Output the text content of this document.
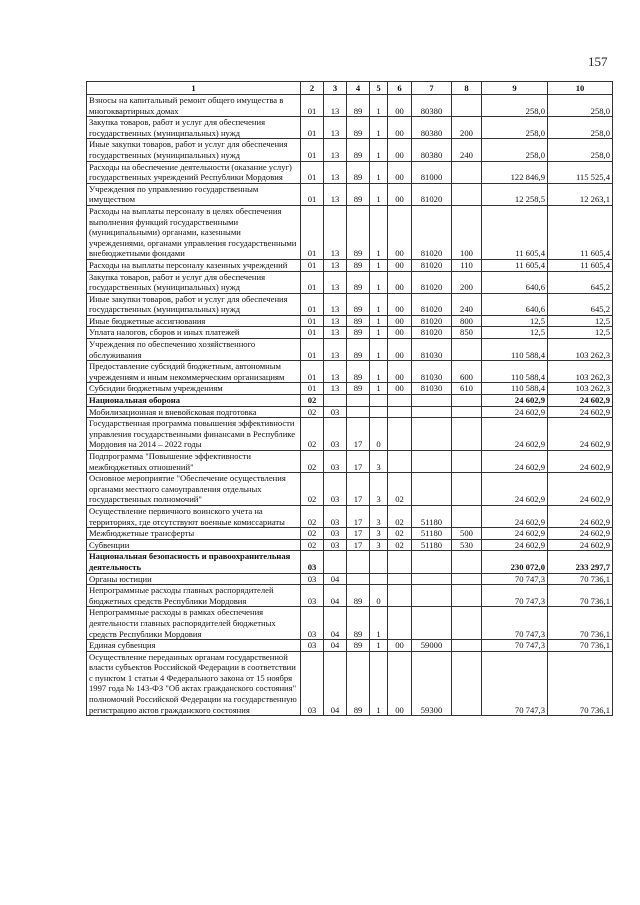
157
1	2	3	4	5	6	7	8	9	10
Взносы на капитальный ремонт общего имущества в многоквартирных домах	01	13	89	1	00	80380		258,0	258,0
Закупка товаров, работ и услуг для обеспечения государственных (муниципальных) нужд	01	13	89	1	00	80380	200	258,0	258,0
Иные закупки товаров, работ и услуг для обеспечения государственных (муниципальных) нужд	01	13	89	1	00	80380	240	258,0	258,0
Расходы на обеспечение деятельности (оказание услуг) государственных учреждений Республики Мордовия	01	13	89	1	00	81000		122 846,9	115 525,4
Учреждения по управлению государственным имуществом	01	13	89	1	00	81020		12 258,5	12 263,1
Расходы на выплаты персоналу в целях обеспечения выполнения функций государственными (муниципальными) органами, казенными учреждениями, органами управления государственными внебюджетными фондами	01	13	89	1	00	81020	100	11 605,4	11 605,4
Расходы на выплаты персоналу казенных учреждений	01	13	89	1	00	81020	110	11 605,4	11 605,4
Закупка товаров, работ и услуг для обеспечения государственных (муниципальных) нужд	01	13	89	1	00	81020	200	640,6	645,2
Иные закупки товаров, работ и услуг для обеспечения государственных (муниципальных) нужд	01	13	89	1	00	81020	240	640,6	645,2
Иные бюджетные ассигнования	01	13	89	1	00	81020	800	12,5	12,5
Уплата налогов, сборов и иных платежей	01	13	89	1	00	81020	850	12,5	12,5
Учреждения по обеспечению хозяйственного обслуживания	01	13	89	1	00	81030		110 588,4	103 262,3
Предоставление субсидий бюджетным, автономным учреждениям и иным некоммерческим организациям	01	13	89	1	00	81030	600	110 588,4	103 262,3
Субсидии бюджетным учреждениям	01	13	89	1	00	81030	610	110 588,4	103 262,3
Национальная оборона	02							24 602,9	24 602,9
Мобилизационная и вневойсковая подготовка	02	03						24 602,9	24 602,9
Государственная программа повышения эффективности управления государственными финансами в Республике Мордовия на 2014 – 2022 годы	02	03	17	0				24 602,9	24 602,9
Подпрограмма "Повышение эффективности межбюджетных отношений"	02	03	17	3				24 602,9	24 602,9
Основное мероприятие "Обеспечение осуществления органами местного самоуправления отдельных государственных полномочий"	02	03	17	3	02			24 602,9	24 602,9
Осуществление первичного воинского учета на территориях, где отсутствуют военные комиссариаты	02	03	17	3	02	51180		24 602,9	24 602,9
Межбюджетные трансферты	02	03	17	3	02	51180	500	24 602,9	24 602,9
Субвенции	02	03	17	3	02	51180	530	24 602,9	24 602,9
Национальная безопасность и правоохранительная деятельность	03							230 072,0	233 297,7
Органы юстиции	03	04						70 747,3	70 736,1
Непрограммные расходы главных распорядителей бюджетных средств Республики Мордовия	03	04	89	0				70 747,3	70 736,1
Непрограммные расходы в рамках обеспечения деятельности главных распорядителей бюджетных средств Республики Мордовия	03	04	89	1				70 747,3	70 736,1
Единая субвенция	03	04	89	1	00	59000		70 747,3	70 736,1
Осуществление переданных органам государственной власти субъектов Российской Федерации в соответствии с пунктом 1 статьи 4 Федерального закона от 15 ноября 1997 года № 143-ФЗ "Об актах гражданского состояния" полномочий Российской Федерации на государственную регистрацию актов гражданского состояния	03	04	89	1	00	59300		70 747,3	70 736,1
